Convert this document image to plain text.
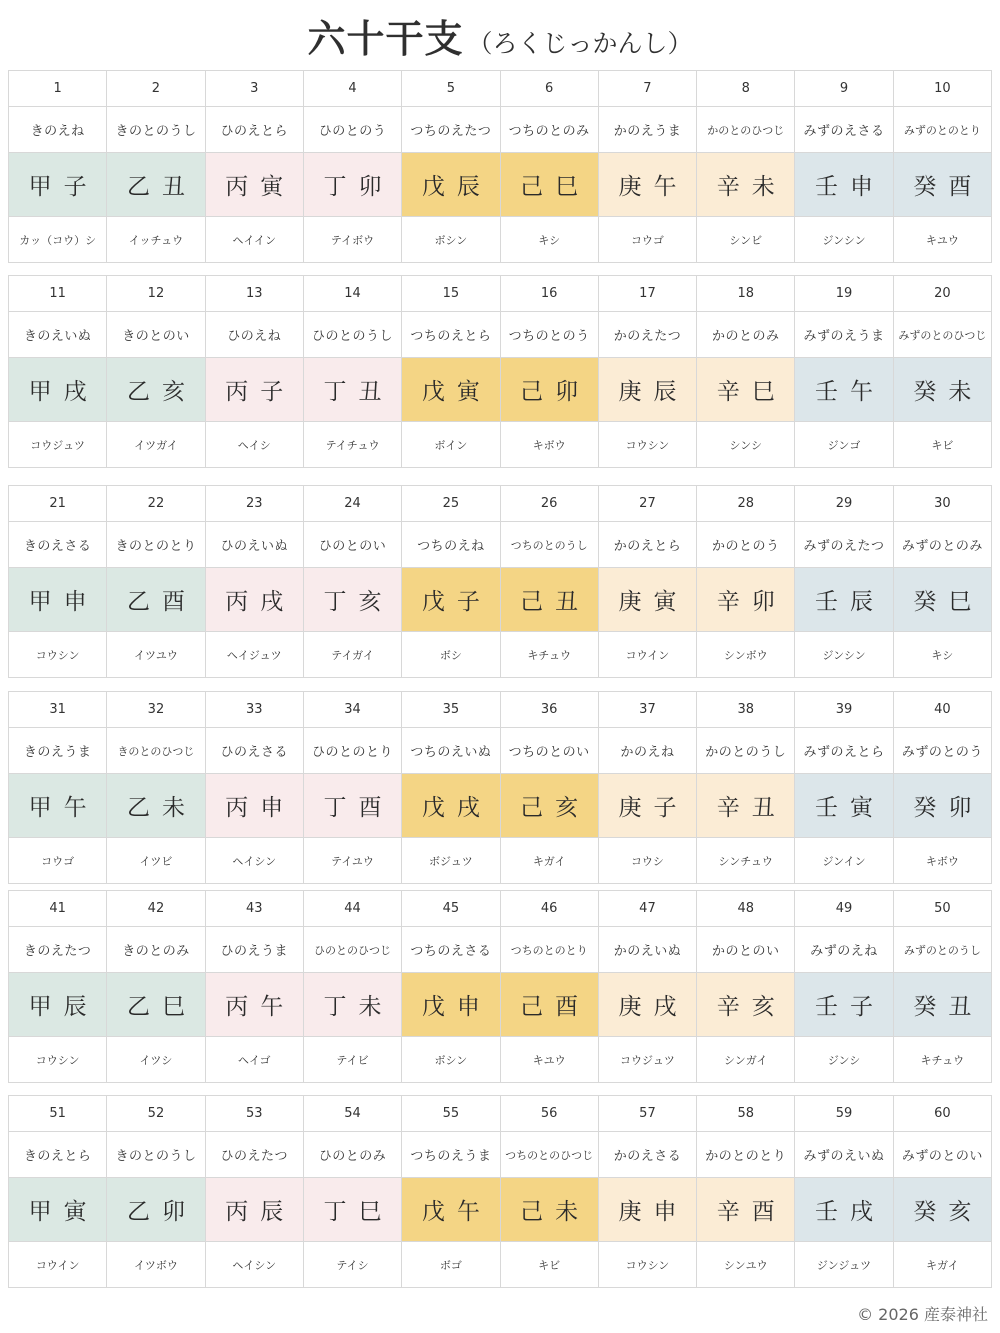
六十干支 （ろくじっかんし）
1	2	3	4	5	6	7	8	9	10
きのえね	きのとのうし	ひのえとら	ひのとのう	つちのえたつ	つちのとのみ	かのえうま	かのとのひつじ	みずのえさる	みずのとのとり
甲子	乙丑	丙寅	丁卯	戊辰	己巳	庚午	辛未	壬申	癸酉
カッ（コウ）シ	イッチュウ	ヘイイン	テイボウ	ボシン	キシ	コウゴ	シンビ	ジンシン	キユウ
11	12	13	14	15	16	17	18	19	20
きのえいぬ	きのとのい	ひのえね	ひのとのうし	つちのえとら	つちのとのう	かのえたつ	かのとのみ	みずのえうま	みずのとのひつじ
甲戌	乙亥	丙子	丁丑	戊寅	己卯	庚辰	辛巳	壬午	癸未
コウジュツ	イツガイ	ヘイシ	テイチュウ	ボイン	キボウ	コウシン	シンシ	ジンゴ	キビ
21	22	23	24	25	26	27	28	29	30
きのえさる	きのとのとり	ひのえいぬ	ひのとのい	つちのえね	つちのとのうし	かのえとら	かのとのう	みずのえたつ	みずのとのみ
甲申	乙酉	丙戌	丁亥	戊子	己丑	庚寅	辛卯	壬辰	癸巳
コウシン	イツユウ	ヘイジュツ	テイガイ	ボシ	キチュウ	コウイン	シンボウ	ジンシン	キシ
31	32	33	34	35	36	37	38	39	40
きのえうま	きのとのひつじ	ひのえさる	ひのとのとり	つちのえいぬ	つちのとのい	かのえね	かのとのうし	みずのえとら	みずのとのう
甲午	乙未	丙申	丁酉	戊戌	己亥	庚子	辛丑	壬寅	癸卯
コウゴ	イツビ	ヘイシン	テイユウ	ボジュツ	キガイ	コウシ	シンチュウ	ジンイン	キボウ
41	42	43	44	45	46	47	48	49	50
きのえたつ	きのとのみ	ひのえうま	ひのとのひつじ	つちのえさる	つちのとのとり	かのえいぬ	かのとのい	みずのえね	みずのとのうし
甲辰	乙巳	丙午	丁未	戊申	己酉	庚戌	辛亥	壬子	癸丑
コウシン	イツシ	ヘイゴ	テイビ	ボシン	キユウ	コウジュツ	シンガイ	ジンシ	キチュウ
51	52	53	54	55	56	57	58	59	60
きのえとら	きのとのうし	ひのえたつ	ひのとのみ	つちのえうま	つちのとのひつじ	かのえさる	かのとのとり	みずのえいぬ	みずのとのい
甲寅	乙卯	丙辰	丁巳	戊午	己未	庚申	辛酉	壬戌	癸亥
コウイン	イツボウ	ヘイシン	テイシ	ボゴ	キビ	コウシン	シンユウ	ジンジュツ	キガイ
© 2026 産泰神社
